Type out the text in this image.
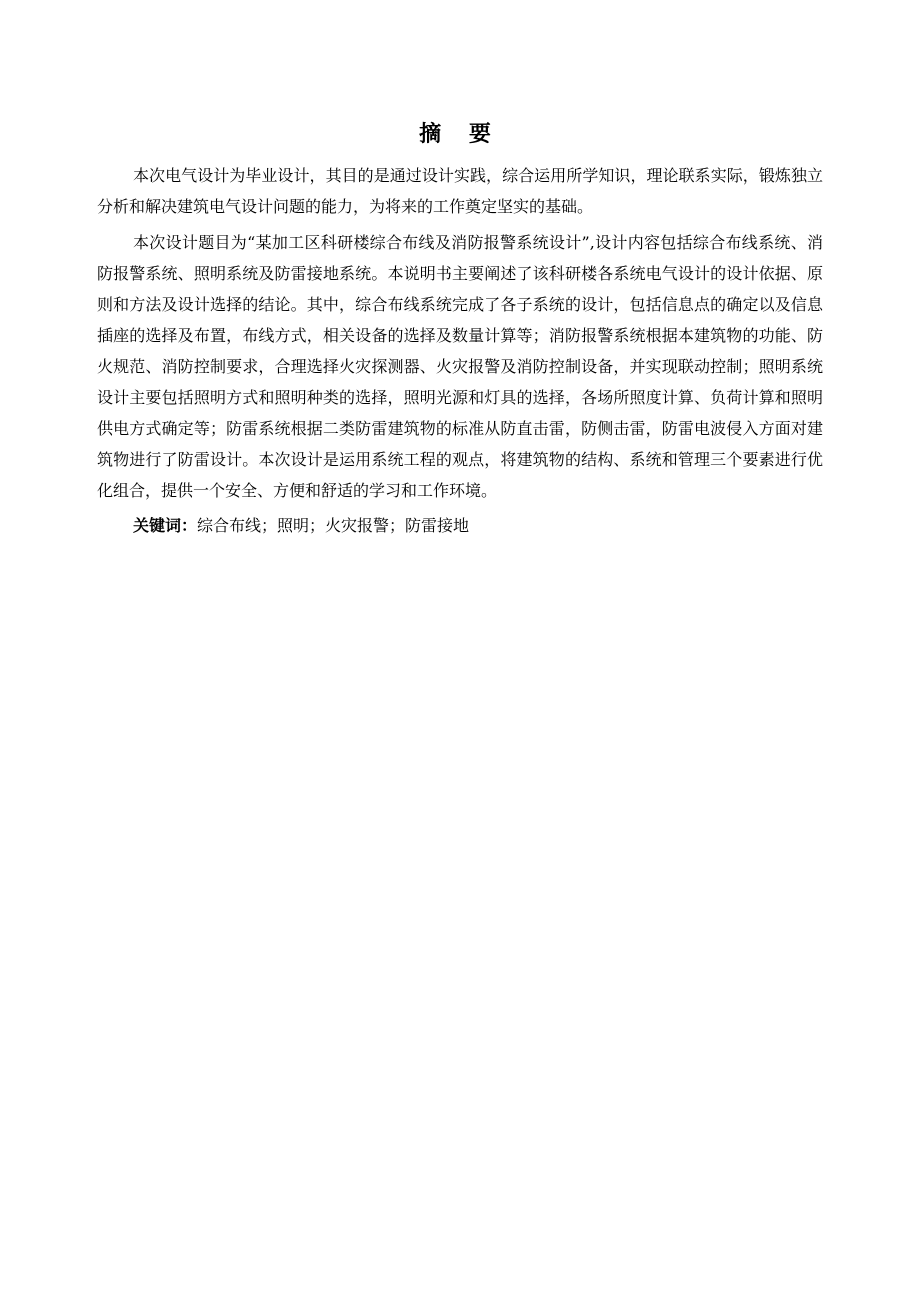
摘 要

本次电气设计为毕业设计，其目的是通过设计实践，综合运用所学知识，理论联系实际，锻炼独立分析和解决建筑电气设计问题的能力，为将来的工作奠定坚实的基础。

本次设计题目为“某加工区科研楼综合布线及消防报警系统设计”,设计内容包括综合布线系统、消防报警系统、照明系统及防雷接地系统。本说明书主要阐述了该科研楼各系统电气设计的设计依据、原则和方法及设计选择的结论。其中，综合布线系统完成了各子系统的设计，包括信息点的确定以及信息插座的选择及布置，布线方式，相关设备的选择及数量计算等；消防报警系统根据本建筑物的功能、防火规范、消防控制要求，合理选择火灾探测器、火灾报警及消防控制设备，并实现联动控制；照明系统设计主要包括照明方式和照明种类的选择，照明光源和灯具的选择，各场所照度计算、负荷计算和照明供电方式确定等；防雷系统根据二类防雷建筑物的标准从防直击雷，防侧击雷，防雷电波侵入方面对建筑物进行了防雷设计。本次设计是运用系统工程的观点，将建筑物的结构、系统和管理三个要素进行优化组合，提供一个安全、方便和舒适的学习和工作环境。

关键词：综合布线；照明；火灾报警；防雷接地
